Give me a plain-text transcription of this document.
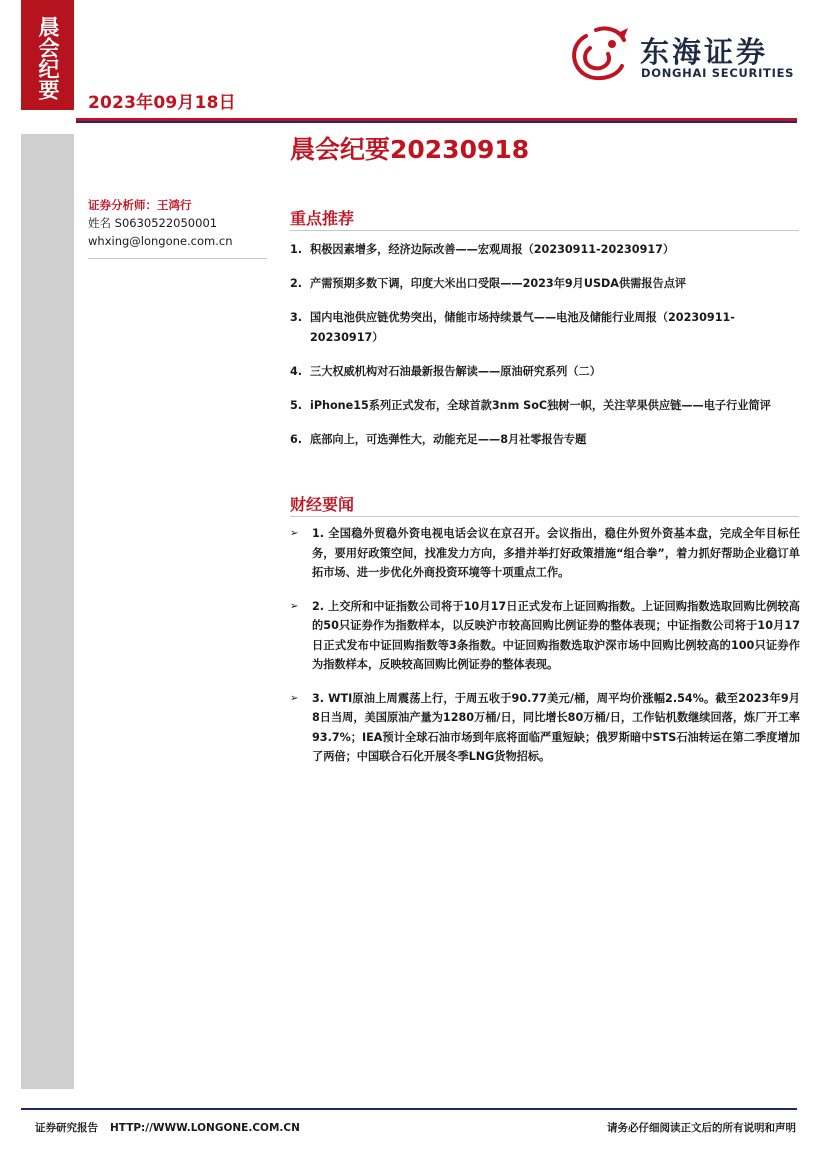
晨会纪要
2023年09月18日
东海证券
DONGHAI SECURITIES
晨会纪要20230918
证券分析师：王鸿行
姓名 S0630522050001
whxing@longone.com.cn
重点推荐
1. 积极因素增多，经济边际改善——宏观周报（20230911-20230917）
2. 产需预期多数下调，印度大米出口受限——2023年9月USDA供需报告点评
3. 国内电池供应链优势突出，储能市场持续景气——电池及储能行业周报（20230911-20230917）
4. 三大权威机构对石油最新报告解读——原油研究系列（二）
5. iPhone15系列正式发布，全球首款3nm SoC独树一帜，关注苹果供应链——电子行业简评
6. 底部向上，可选弹性大，动能充足——8月社零报告专题
财经要闻
➢	1. 全国稳外贸稳外资电视电话会议在京召开。会议指出，稳住外贸外资基本盘，完成全年目标任务，要用好政策空间，找准发力方向，多措并举打好政策措施“组合拳”，着力抓好帮助企业稳订单拓市场、进一步优化外商投资环境等十项重点工作。
➢	2. 上交所和中证指数公司将于10月17日正式发布上证回购指数。上证回购指数选取回购比例较高的50只证券作为指数样本，以反映沪市较高回购比例证券的整体表现；中证指数公司将于10月17日正式发布中证回购指数等3条指数。中证回购指数选取沪深市场中回购比例较高的100只证券作为指数样本，反映较高回购比例证券的整体表现。
➢	3. WTI原油上周震荡上行，于周五收于90.77美元/桶，周平均价涨幅2.54%。截至2023年9月8日当周，美国原油产量为1280万桶/日，同比增长80万桶/日，工作钻机数继续回落，炼厂开工率93.7%；IEA预计全球石油市场到年底将面临严重短缺；俄罗斯暗中STS石油转运在第二季度增加了两倍；中国联合石化开展冬季LNG货物招标。
证券研究报告 HTTP://WWW.LONGONE.COM.CN	请务必仔细阅读正文后的所有说明和声明
